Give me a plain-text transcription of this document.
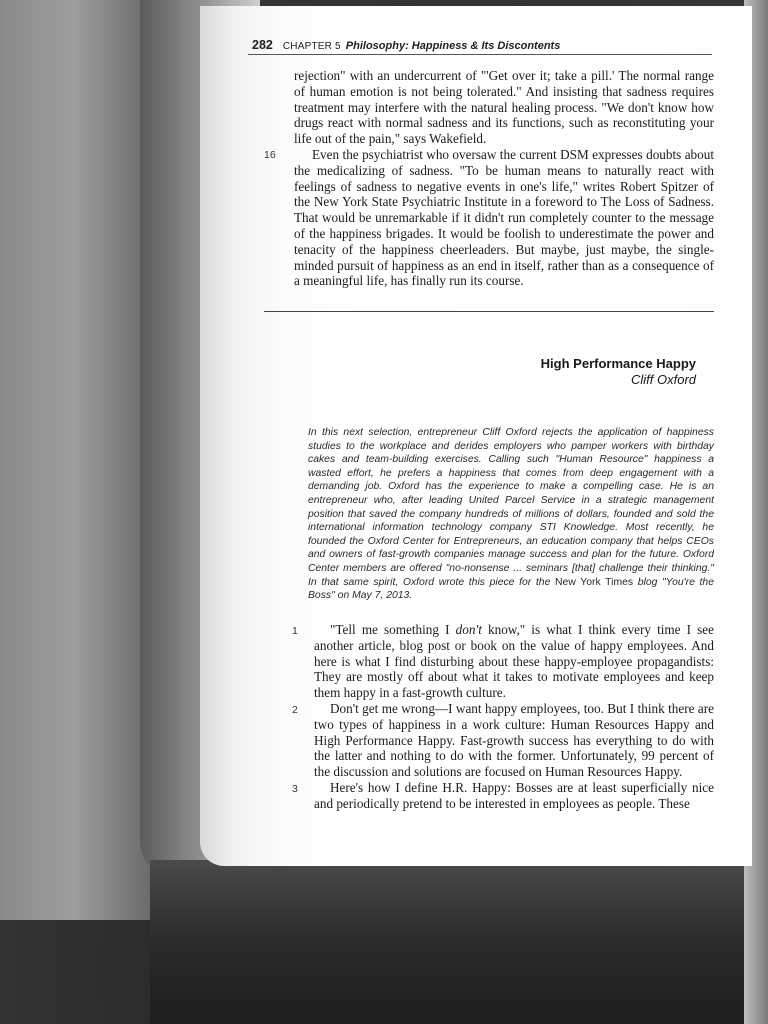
282 CHAPTER 5 Philosophy: Happiness & Its Discontents
rejection" with an undercurrent of "'Get over it; take a pill.' The normal range of human emotion is not being tolerated." And insisting that sadness requires treatment may interfere with the natural healing process. "We don't know how drugs react with normal sadness and its functions, such as reconstituting your life out of the pain," says Wakefield.
16	Even the psychiatrist who oversaw the current DSM expresses doubts about the medicalizing of sadness. "To be human means to naturally react with feelings of sadness to negative events in one's life," writes Robert Spitzer of the New York State Psychiatric Institute in a foreword to The Loss of Sadness. That would be unremarkable if it didn't run completely counter to the message of the happiness brigades. It would be foolish to underestimate the power and tenacity of the happiness cheerleaders. But maybe, just maybe, the single-minded pursuit of happiness as an end in itself, rather than as a consequence of a meaningful life, has finally run its course.
High Performance Happy
Cliff Oxford
In this next selection, entrepreneur Cliff Oxford rejects the application of happiness studies to the workplace and derides employers who pamper workers with birthday cakes and team-building exercises. Calling such "Human Resource" happiness a wasted effort, he prefers a happiness that comes from deep engagement with a demanding job. Oxford has the experience to make a compelling case. He is an entrepreneur who, after leading United Parcel Service in a strategic management position that saved the company hundreds of millions of dollars, founded and sold the international information technology company STI Knowledge. Most recently, he founded the Oxford Center for Entrepreneurs, an education company that helps CEOs and owners of fast-growth companies manage success and plan for the future. Oxford Center members are offered "no-nonsense ... seminars [that] challenge their thinking." In that same spirit, Oxford wrote this piece for the New York Times blog "You're the Boss" on May 7, 2013.
1	"Tell me something I don't know," is what I think every time I see another article, blog post or book on the value of happy employees. And here is what I find disturbing about these happy-employee propagandists: They are mostly off about what it takes to motivate employees and keep them happy in a fast-growth culture.

2	Don't get me wrong—I want happy employees, too. But I think there are two types of happiness in a work culture: Human Resources Happy and High Performance Happy. Fast-growth success has everything to do with the latter and nothing to do with the former. Unfortunately, 99 percent of the discussion and solutions are focused on Human Resources Happy.

3	Here's how I define H.R. Happy: Bosses are at least superficially nice and periodically pretend to be interested in employees as people. These
